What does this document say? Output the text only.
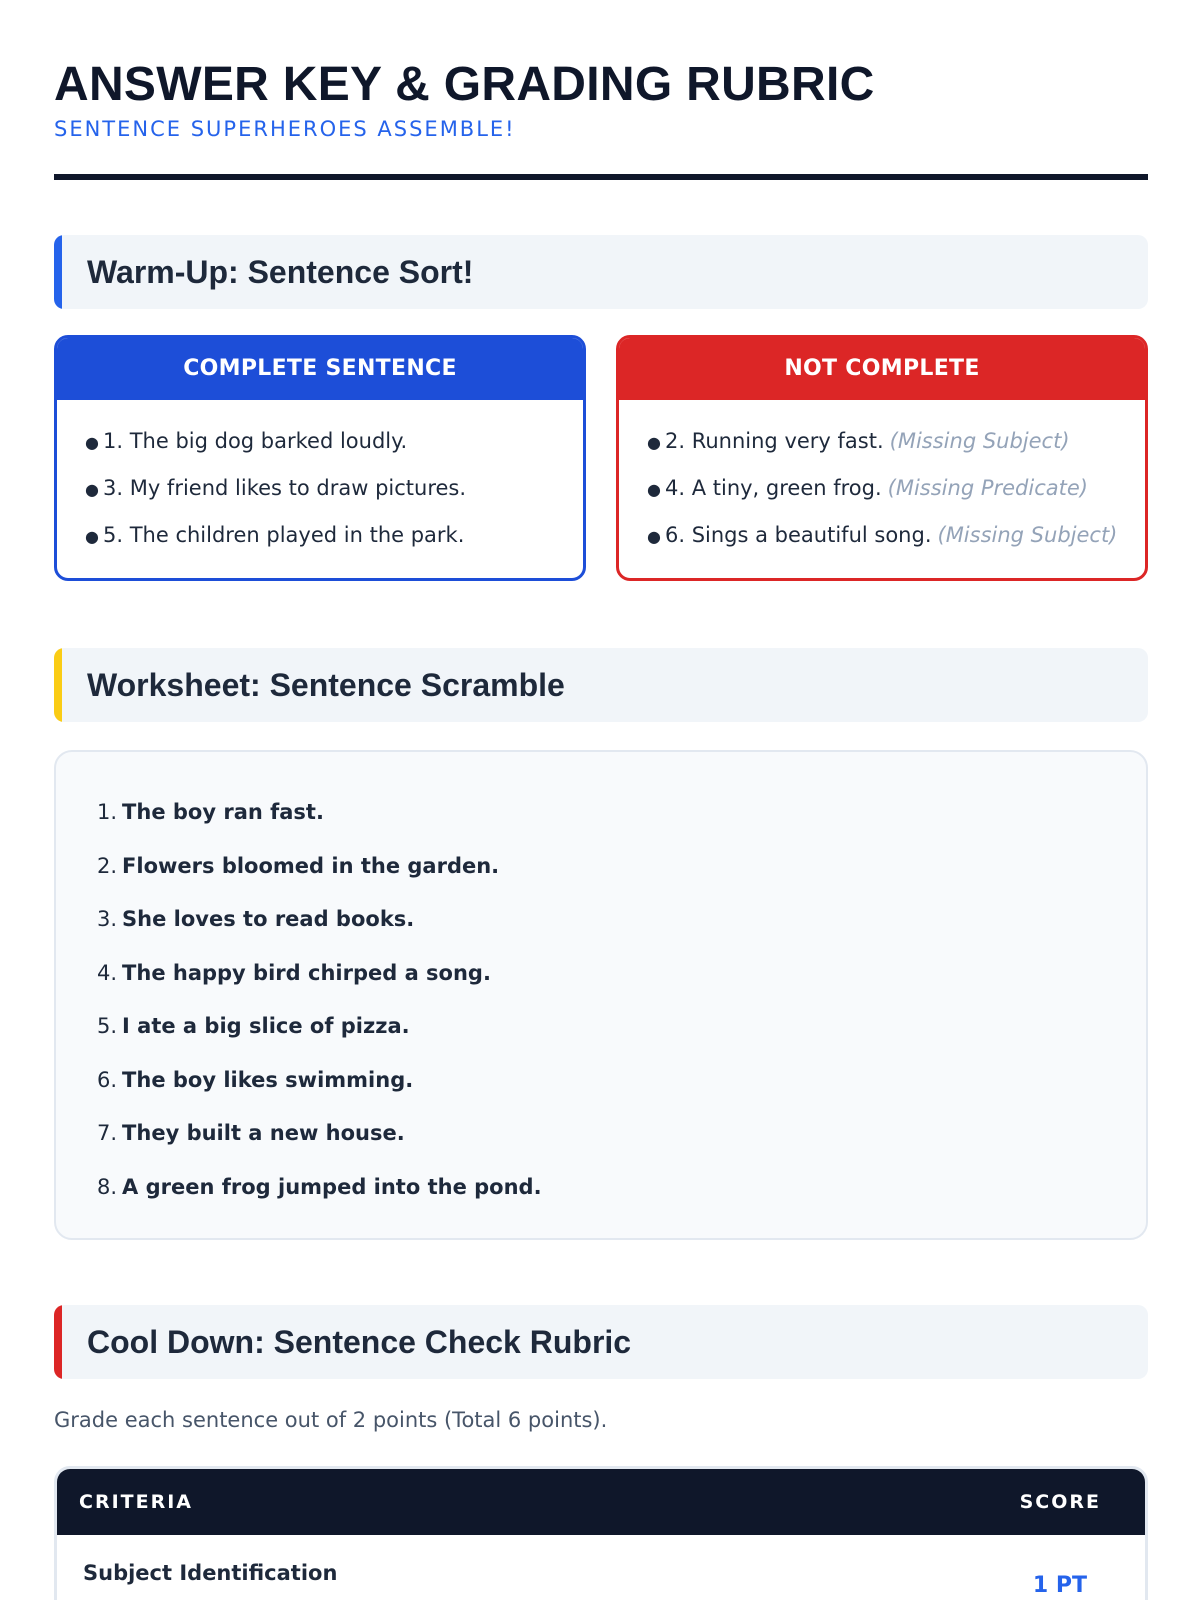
ANSWER KEY & GRADING RUBRIC
SENTENCE SUPERHEROES ASSEMBLE!
Warm-Up: Sentence Sort!
COMPLETE SENTENCE
● 1. The big dog barked loudly.
● 3. My friend likes to draw pictures.
● 5. The children played in the park.
NOT COMPLETE
● 2. Running very fast. (Missing Subject)
● 4. A tiny, green frog. (Missing Predicate)
● 6. Sings a beautiful song. (Missing Subject)
Worksheet: Sentence Scramble
1. The boy ran fast.
2. Flowers bloomed in the garden.
3. She loves to read books.
4. The happy bird chirped a song.
5. I ate a big slice of pizza.
6. The boy likes swimming.
7. They built a new house.
8. A green frog jumped into the pond.
Cool Down: Sentence Check Rubric

Grade each sentence out of 2 points (Total 6 points).

CRITERIA	SCORE
Subject Identification	1 PT
